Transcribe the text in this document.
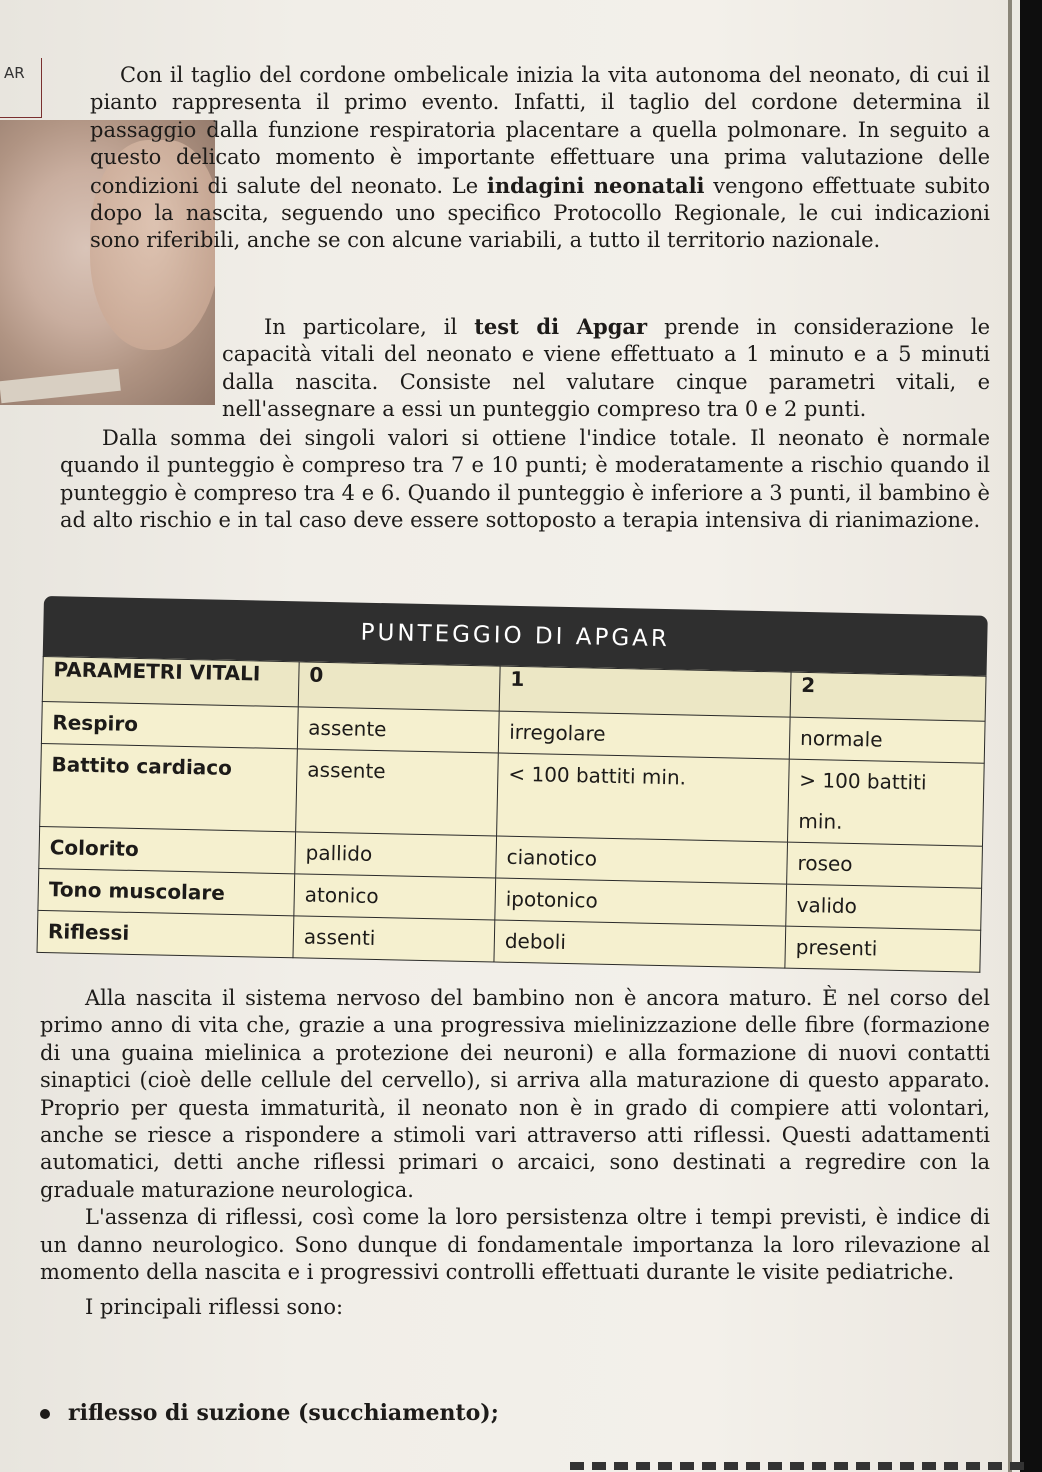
AR	Con il taglio del cordone ombelicale inizia la vita autonoma del neonato, di cui il pianto rappresenta il primo evento. Infatti, il taglio del cordone determina il passaggio dalla funzione respiratoria placentare a quella polmonare. In seguito a questo delicato momento è importante effettuare una prima valutazione delle condizioni di salute del neonato. Le indagini neonatali vengono effettuate subito dopo la nascita, seguendo uno specifico Protocollo Regionale, le cui indicazioni sono riferibili, anche se con alcune variabili, a tutto il territorio nazionale.

In particolare, il test di Apgar prende in considerazione le capacità vitali del neonato e viene effettuato a 1 minuto e a 5 minuti dalla nascita. Consiste nel valutare cinque parametri vitali, e nell'assegnare a essi un punteggio compreso tra 0 e 2 punti.

Dalla somma dei singoli valori si ottiene l'indice totale. Il neonato è normale quando il punteggio è compreso tra 7 e 10 punti; è moderatamente a rischio quando il punteggio è compreso tra 4 e 6. Quando il punteggio è inferiore a 3 punti, il bambino è ad alto rischio e in tal caso deve essere sottoposto a terapia intensiva di rianimazione.

PUNTEGGIO DI APGAR
PARAMETRI VITALI	0	1	2
Respiro	assente	irregolare	normale
Battito cardiaco	assente	< 100 battiti min.	> 100 battiti min.
Colorito	pallido	cianotico	roseo
Tono muscolare	atonico	ipotonico	valido
Riflessi	assenti	deboli	presenti

Alla nascita il sistema nervoso del bambino non è ancora maturo. È nel corso del primo anno di vita che, grazie a una progressiva mielinizzazione delle fibre (formazione di una guaina mielinica a protezione dei neuroni) e alla formazione di nuovi contatti sinaptici (cioè delle cellule del cervello), si arriva alla maturazione di questo apparato. Proprio per questa immaturità, il neonato non è in grado di compiere atti volontari, anche se riesce a rispondere a stimoli vari attraverso atti riflessi. Questi adattamenti automatici, detti anche riflessi primari o arcaici, sono destinati a regredire con la graduale maturazione neurologica.

L'assenza di riflessi, così come la loro persistenza oltre i tempi previsti, è indice di un danno neurologico. Sono dunque di fondamentale importanza la loro rilevazione al momento della nascita e i progressivi controlli effettuati durante le visite pediatriche.

I principali riflessi sono:

riflesso di suzione (succhiamento);
